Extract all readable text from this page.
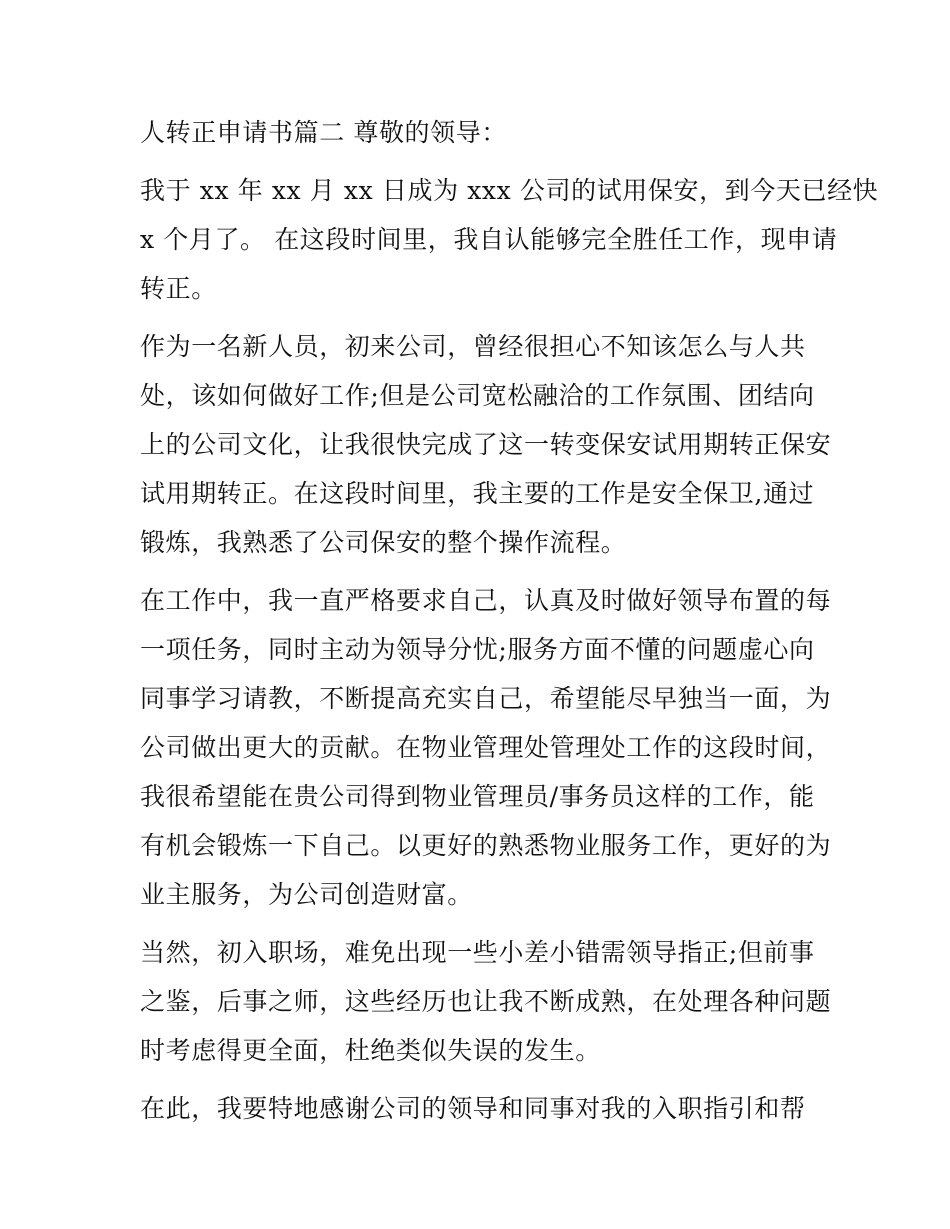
人转正申请书篇二 尊敬的领导：

我于 xx 年 xx 月 xx 日成为 xxx 公司的试用保安，到今天已经快
x 个月了。 在这段时间里，我自认能够完全胜任工作，现申请
转正。

作为一名新人员，初来公司，曾经很担心不知该怎么与人共
处，该如何做好工作;但是公司宽松融洽的工作氛围、团结向
上的公司文化，让我很快完成了这一转变保安试用期转正保安
试用期转正。在这段时间里，我主要的工作是安全保卫,通过
锻炼，我熟悉了公司保安的整个操作流程。

在工作中，我一直严格要求自己，认真及时做好领导布置的每
一项任务，同时主动为领导分忧;服务方面不懂的问题虚心向
同事学习请教，不断提高充实自己，希望能尽早独当一面，为
公司做出更大的贡献。在物业管理处管理处工作的这段时间，
我很希望能在贵公司得到物业管理员/事务员这样的工作，能
有机会锻炼一下自己。以更好的熟悉物业服务工作，更好的为
业主服务，为公司创造财富。

当然，初入职场，难免出现一些小差小错需领导指正;但前事
之鉴，后事之师，这些经历也让我不断成熟，在处理各种问题
时考虑得更全面，杜绝类似失误的发生。

在此，我要特地感谢公司的领导和同事对我的入职指引和帮
